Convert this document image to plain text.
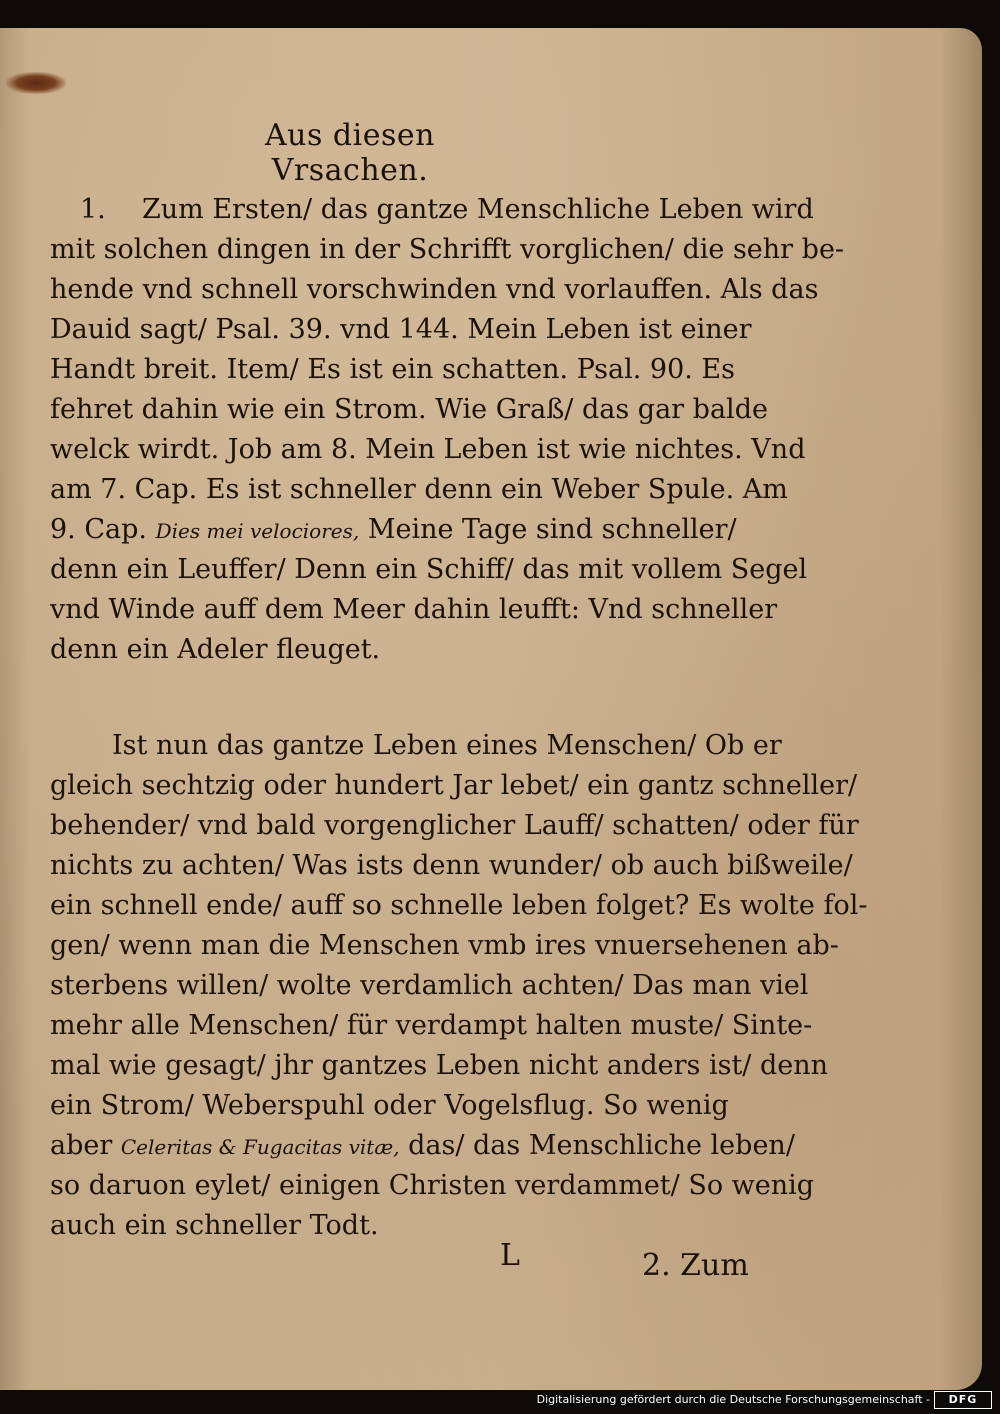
Aus diesen Vrsachen.
1. Zum Ersten/ das gantze Menschliche Leben wird
mit solchen dingen in der Schrifft vorglichen/ die sehr be-
hende vnd schnell vorschwinden vnd vorlauffen. Als das
Dauid sagt/ Psal. 39. vnd 144. Mein Leben ist einer
Handt breit. Item/ Es ist ein schatten. Psal. 90. Es
fehret dahin wie ein Strom. Wie Graß/ das gar balde
welck wirdt. Job am 8. Mein Leben ist wie nichtes. Vnd
am 7. Cap. Es ist schneller denn ein Weber Spule. Am
9. Cap. Dies mei velociores, Meine Tage sind schneller/
denn ein Leuffer/ Denn ein Schiff/ das mit vollem Segel
vnd Winde auff dem Meer dahin leufft: Vnd schneller
denn ein Adeler fleuget.
Ist nun das gantze Leben eines Menschen/ Ob er
gleich sechtzig oder hundert Jar lebet/ ein gantz schneller/
behender/ vnd bald vorgenglicher Lauff/ schatten/ oder für
nichts zu achten/ Was ists denn wunder/ ob auch bißweile/
ein schnell ende/ auff so schnelle leben folget? Es wolte fol-
gen/ wenn man die Menschen vmb ires vnuersehenen ab-
sterbens willen/ wolte verdamlich achten/ Das man viel
mehr alle Menschen/ für verdampt halten muste/ Sinte-
mal wie gesagt/ jhr gantzes Leben nicht anders ist/ denn
ein Strom/ Weberspuhl oder Vogelsflug. So wenig
aber Celeritas & Fugacitas vitæ, das/ das Menschliche leben/
so daruon eylet/ einigen Christen verdammet/ So wenig
auch ein schneller Todt.
L	2. Zum
Digitalisierung gefördert durch die Deutsche Forschungsgemeinschaft -	DFG
